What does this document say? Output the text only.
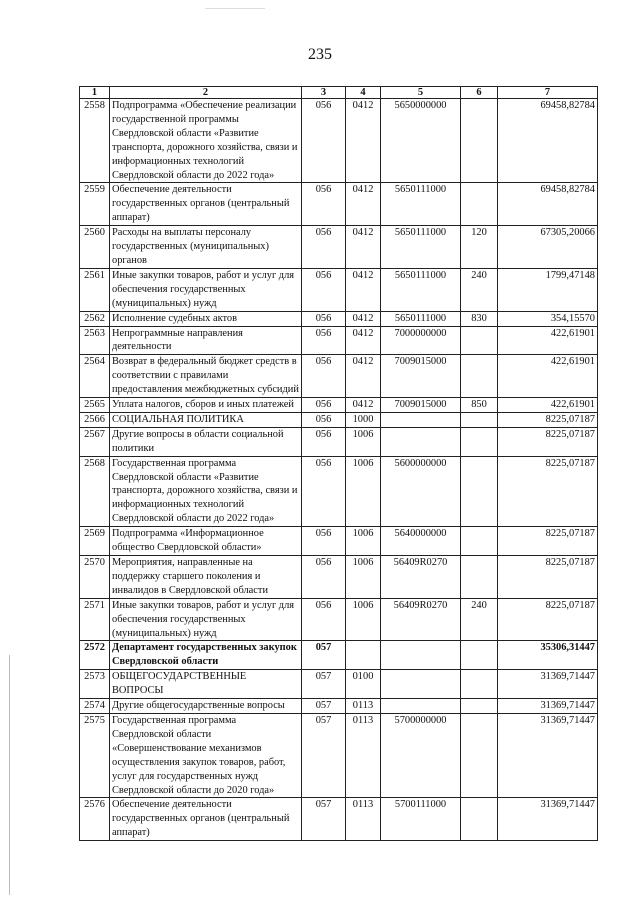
235
1	2	3	4	5	6	7
2558	Подпрограмма «Обеспечение реализации государственной программы Свердловской области «Развитие транспорта, дорожного хозяйства, связи и информационных технологий Свердловской области до 2022 года»	056	0412	5650000000		69458,82784
2559	Обеспечение деятельности государственных органов (центральный аппарат)	056	0412	5650111000		69458,82784
2560	Расходы на выплаты персоналу государственных (муниципальных) органов	056	0412	5650111000	120	67305,20066
2561	Иные закупки товаров, работ и услуг для обеспечения государственных (муниципальных) нужд	056	0412	5650111000	240	1799,47148
2562	Исполнение судебных актов	056	0412	5650111000	830	354,15570
2563	Непрограммные направления деятельности	056	0412	7000000000		422,61901
2564	Возврат в федеральный бюджет средств в соответствии с правилами предоставления межбюджетных субсидий	056	0412	7009015000		422,61901
2565	Уплата налогов, сборов и иных платежей	056	0412	7009015000	850	422,61901
2566	СОЦИАЛЬНАЯ ПОЛИТИКА	056	1000			8225,07187
2567	Другие вопросы в области социальной политики	056	1006			8225,07187
2568	Государственная программа Свердловской области «Развитие транспорта, дорожного хозяйства, связи и информационных технологий Свердловской области до 2022 года»	056	1006	5600000000		8225,07187
2569	Подпрограмма «Информационное общество Свердловской области»	056	1006	5640000000		8225,07187
2570	Мероприятия, направленные на поддержку старшего поколения и инвалидов в Свердловской области	056	1006	56409R0270		8225,07187
2571	Иные закупки товаров, работ и услуг для обеспечения государственных (муниципальных) нужд	056	1006	56409R0270	240	8225,07187
2572	Департамент государственных закупок Свердловской области	057				35306,31447
2573	ОБЩЕГОСУДАРСТВЕННЫЕ ВОПРОСЫ	057	0100			31369,71447
2574	Другие общегосударственные вопросы	057	0113			31369,71447
2575	Государственная программа Свердловской области «Совершенствование механизмов осуществления закупок товаров, работ, услуг для государственных нужд Свердловской области до 2020 года»	057	0113	5700000000		31369,71447
2576	Обеспечение деятельности государственных органов (центральный аппарат)	057	0113	5700111000		31369,71447
